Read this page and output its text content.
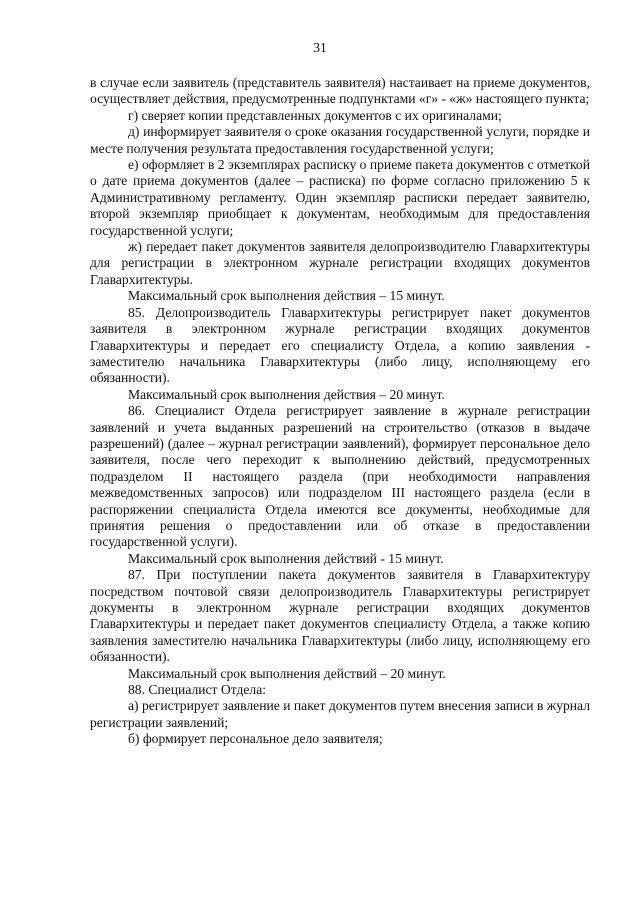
31

в случае если заявитель (представитель заявителя) настаивает на приеме документов, осуществляет действия, предусмотренные подпунктами «г» - «ж» настоящего пункта;

г) сверяет копии представленных документов с их оригиналами;

д) информирует заявителя о сроке оказания государственной услуги, порядке и месте получения результата предоставления государственной услуги;

е) оформляет в 2 экземплярах расписку о приеме пакета документов с отметкой о дате приема документов (далее – расписка) по форме согласно приложению 5 к Административному регламенту. Один экземпляр расписки передает заявителю, второй экземпляр приобщает к документам, необходимым для предоставления государственной услуги;

ж) передает пакет документов заявителя делопроизводителю Главархитектуры для регистрации в электронном журнале регистрации входящих документов Главархитектуры.

Максимальный срок выполнения действия – 15 минут.

85. Делопроизводитель Главархитектуры регистрирует пакет документов заявителя в электронном журнале регистрации входящих документов Главархитектуры и передает его специалисту Отдела, а копию заявления - заместителю начальника Главархитектуры (либо лицу, исполняющему его обязанности).

Максимальный срок выполнения действия – 20 минут.

86. Специалист Отдела регистрирует заявление в журнале регистрации заявлений и учета выданных разрешений на строительство (отказов в выдаче разрешений) (далее – журнал регистрации заявлений), формирует персональное дело заявителя, после чего переходит к выполнению действий, предусмотренных подразделом II настоящего раздела (при необходимости направления межведомственных запросов) или подразделом III настоящего раздела (если в распоряжении специалиста Отдела имеются все документы, необходимые для принятия решения о предоставлении или об отказе в предоставлении государственной услуги).

Максимальный срок выполнения действий - 15 минут.

87. При поступлении пакета документов заявителя в Главархитектуру посредством почтовой связи делопроизводитель Главархитектуры регистрирует документы в электронном журнале регистрации входящих документов Главархитектуры и передает пакет документов специалисту Отдела, а также копию заявления заместителю начальника Главархитектуры (либо лицу, исполняющему его обязанности).

Максимальный срок выполнения действий – 20 минут.

88. Специалист Отдела:

а) регистрирует заявление и пакет документов путем внесения записи в журнал регистрации заявлений;

б) формирует персональное дело заявителя;
